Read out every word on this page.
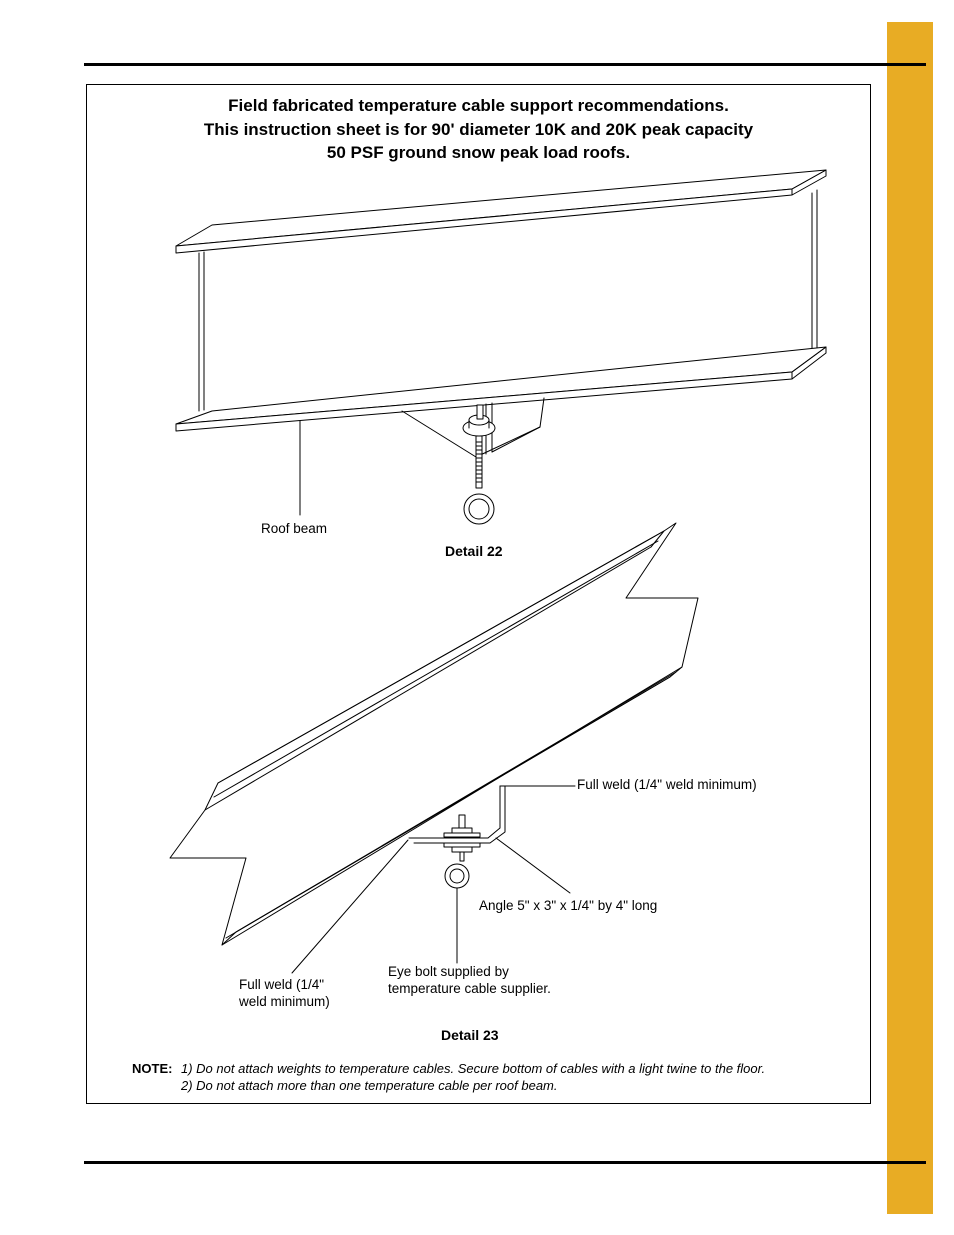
Field fabricated temperature cable support recommendations.
This instruction sheet is for 90' diameter 10K and 20K peak capacity
50 PSF ground snow peak load roofs.
Roof beam
Detail 22
Full weld (1/4" weld minimum)
Angle 5" x 3" x 1/4" by 4" long
Eye bolt supplied by
temperature cable supplier.
Full weld (1/4"
weld minimum)
Detail 23
NOTE: 1) Do not attach weights to temperature cables. Secure bottom of cables with a light twine to the floor.
2) Do not attach more than one temperature cable per roof beam.
